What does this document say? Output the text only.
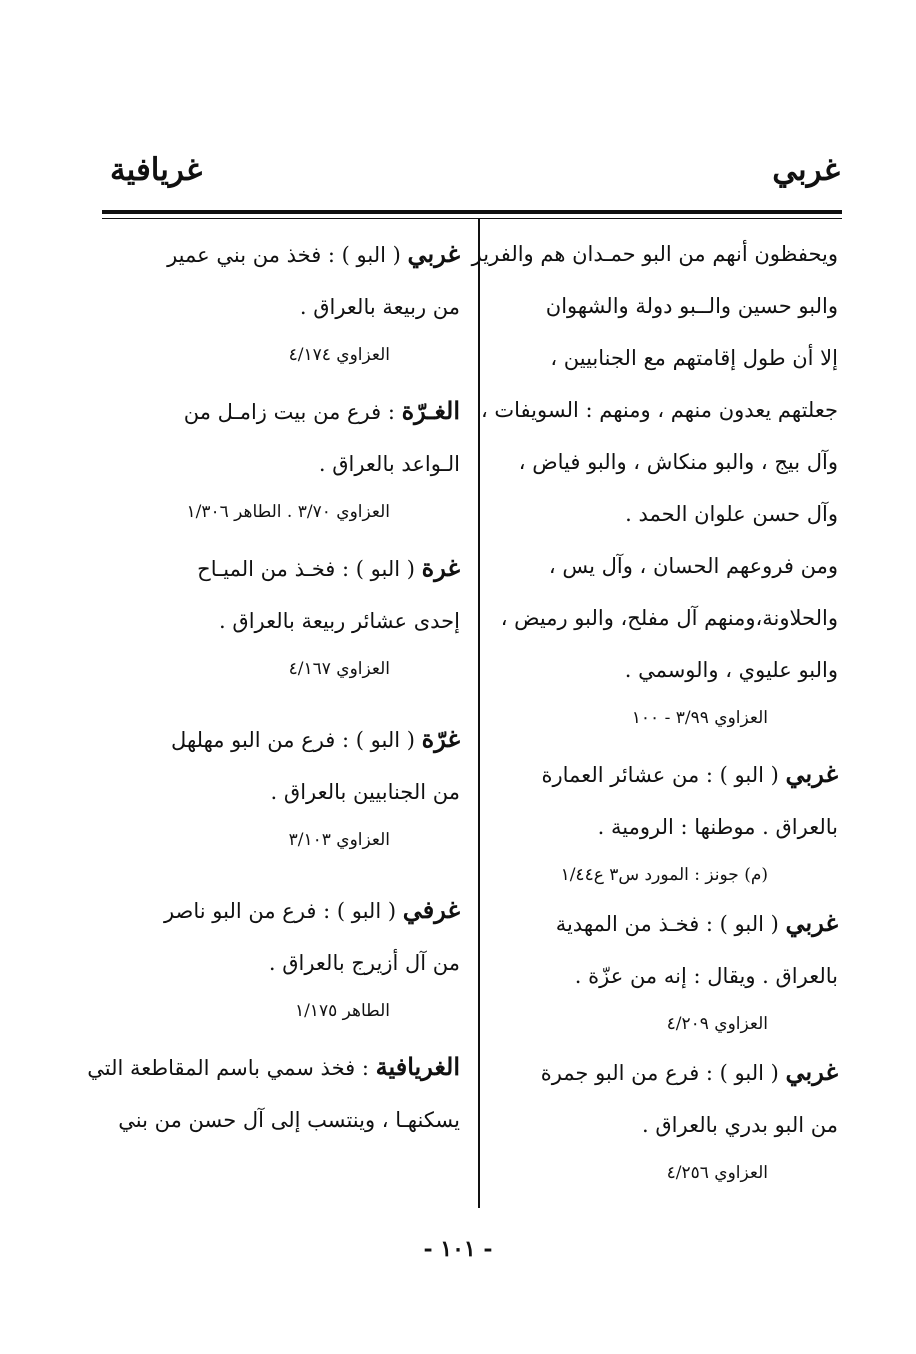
غربي
غريافية
ويحفظون أنهم من البو حمـدان هم والفرير
والبو حسين والــبو دولة والشهوان
إلا أن طول إقامتهم مع الجنابيين ،
جعلتهم يعدون منهم ، ومنهم : السويفات ،
وآل بيج ، والبو منكاش ، والبو فياض ،
وآل حسن علوان الحمد .
ومن فروعهم الحسان ، وآل يس ،
والحلاونة،ومنهم آل مفلح، والبو رميض ،
والبو عليوي ، والوسمي .
العزاوي ٣/٩٩ - ١٠٠
غربي ( البو ) : من عشائر العمارة
بالعراق . موطنها : الرومية .
(م) جونز : المورد س٣ ع١/٤٤
غربي ( البو ) : فخـذ من المهدية
بالعراق . ويقال : إنه من عزّة .
العزاوي ٤/٢٠٩
غربي ( البو ) : فرع من البو جمرة
من البو بدري بالعراق .
العزاوي ٤/٢٥٦
غربي ( البو ) : فخذ من بني عمير
من ربيعة بالعراق .
العزاوي ٤/١٧٤
الغـرّة : فرع من بيت زامـل من
الـواعد بالعراق .
العزاوي ٣/٧٠ . الطاهر ١/٣٠٦
غرة ( البو ) : فخـذ من الميـاح
إحدى عشائر ربيعة بالعراق .
العزاوي ٤/١٦٧
غرّة ( البو ) : فرع من البو مهلهل
من الجنابيين بالعراق .
العزاوي ٣/١٠٣
غرفي ( البو ) : فرع من البو ناصر
من آل أزيرج بالعراق .
الطاهر ١/١٧٥
الغريافية : فخذ سمي باسم المقاطعة التي
يسكنهـا ، وينتسب إلى آل حسن من بني
- ١٠١ -
